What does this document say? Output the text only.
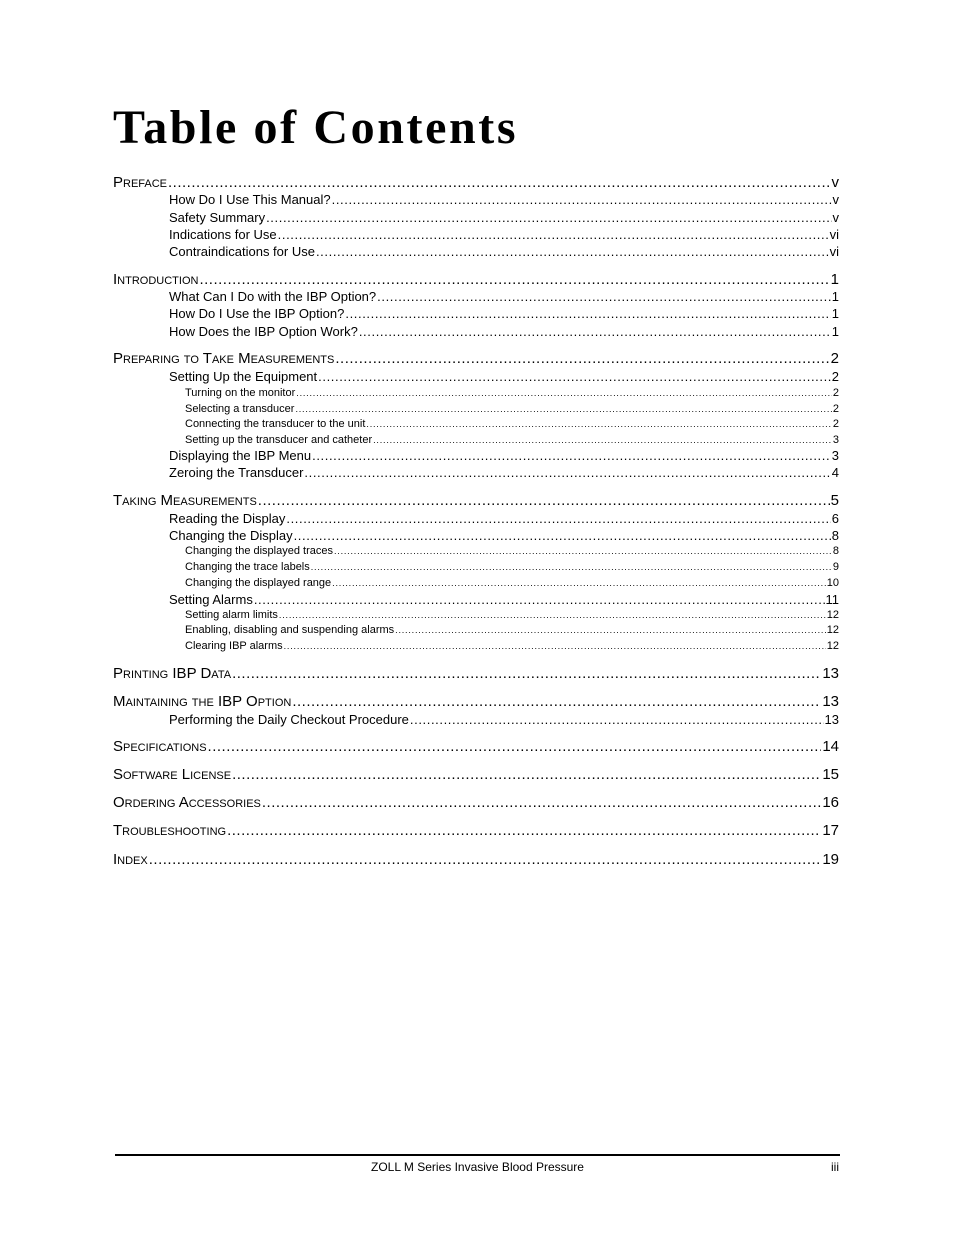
Table of Contents
Preface .....	v
How Do I Use This Manual? .....	v
Safety Summary .....	v
Indications for Use .....	vi
Contraindications for Use .....	vi
Introduction .....	1
What Can I Do with the IBP Option? .....	1
How Do I Use the IBP Option? .....	1
How Does the IBP Option Work? .....	1
Preparing to Take Measurements .....	2
Setting Up the Equipment .....	2
Turning on the monitor .....	2
Selecting a transducer .....	2
Connecting the transducer to the unit .....	2
Setting up the transducer and catheter .....	3
Displaying the IBP Menu .....	3
Zeroing the Transducer .....	4
Taking Measurements .....	5
Reading the Display .....	6
Changing the Display .....	8
Changing the displayed traces .....	8
Changing the trace labels .....	9
Changing the displayed range .....	10
Setting Alarms .....	11
Setting alarm limits .....	12
Enabling, disabling and suspending alarms .....	12
Clearing IBP alarms .....	12
Printing IBP Data .....	13
Maintaining the IBP Option .....	13
Performing the Daily Checkout Procedure .....	13
Specifications .....	14
Software License .....	15
Ordering Accessories .....	16
Troubleshooting .....	17
Index .....	19
ZOLL M Series Invasive Blood Pressure	iii
